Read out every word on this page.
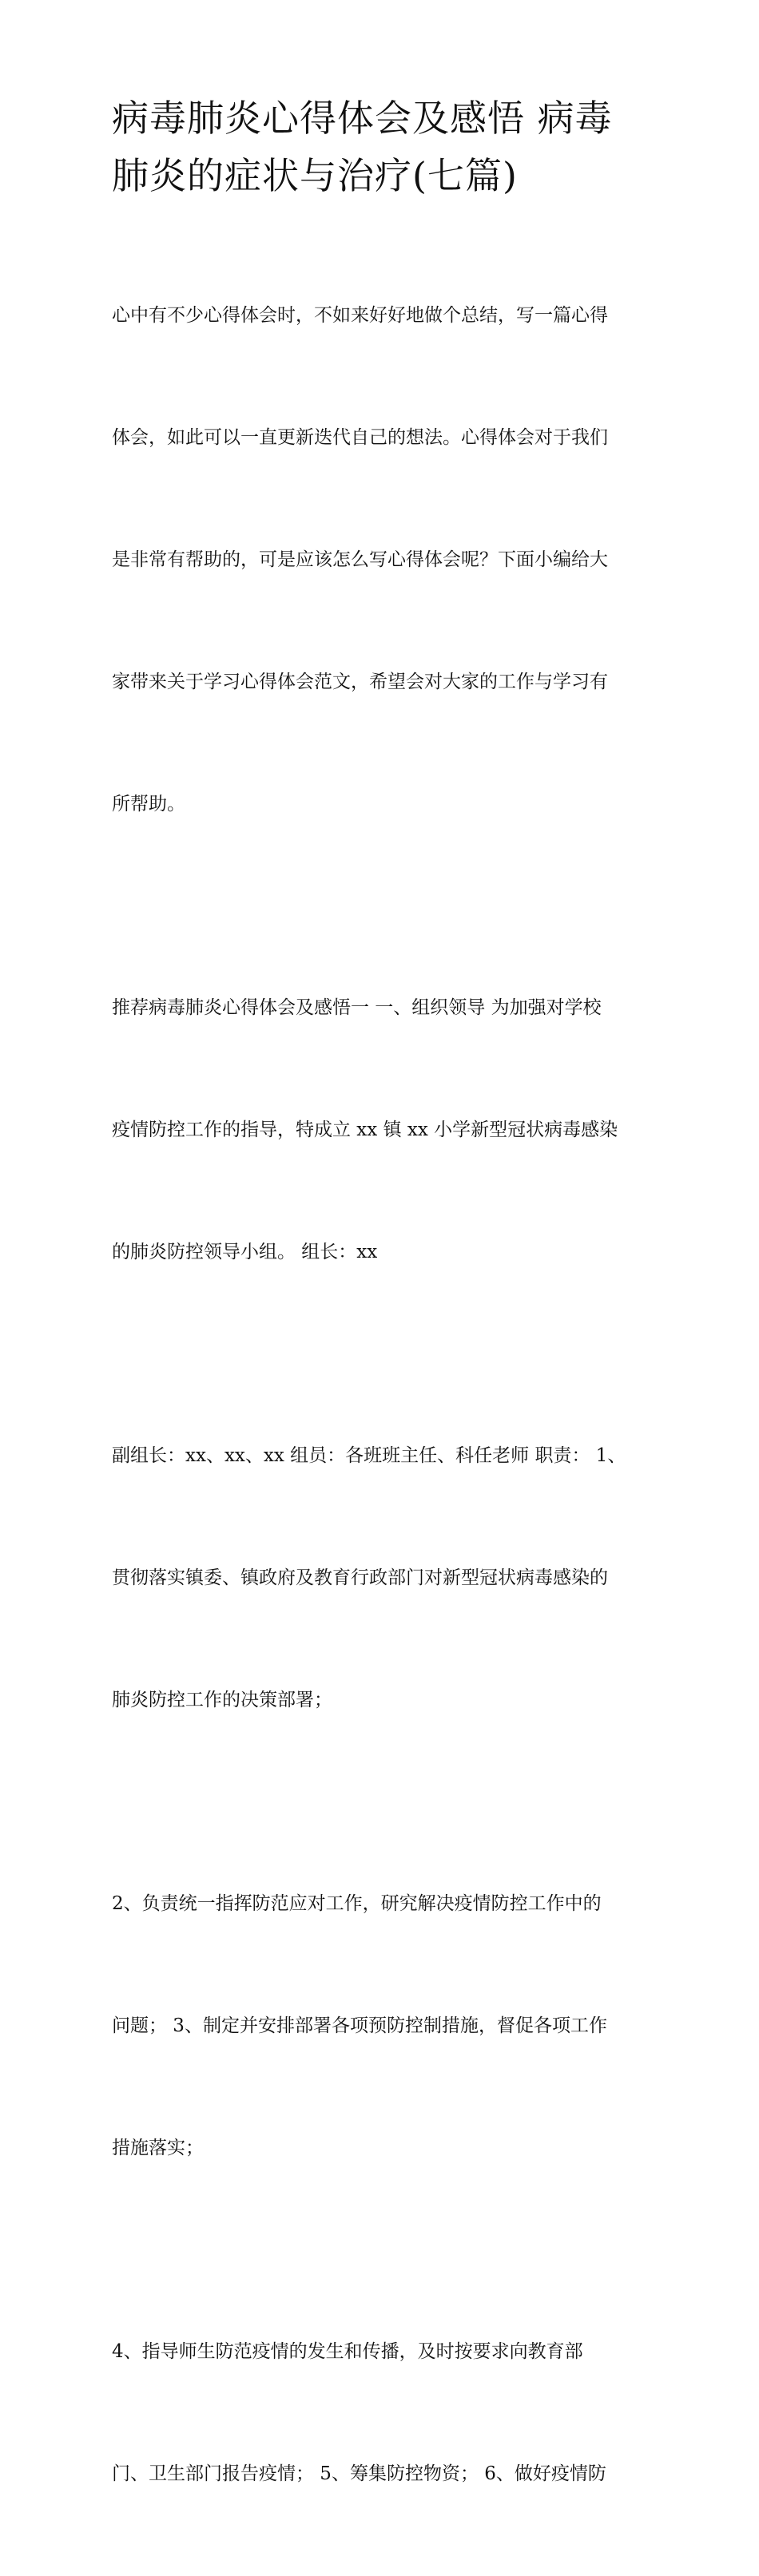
病毒肺炎心得体会及感悟 病毒
肺炎的症状与治疗(七篇)

心中有不少心得体会时，不如来好好地做个总结，写一篇心得

体会，如此可以一直更新迭代自己的想法。心得体会对于我们

是非常有帮助的，可是应该怎么写心得体会呢？下面小编给大

家带来关于学习心得体会范文，希望会对大家的工作与学习有

所帮助。

推荐病毒肺炎心得体会及感悟一 一、组织领导 为加强对学校

疫情防控工作的指导，特成立 xx 镇 xx 小学新型冠状病毒感染

的肺炎防控领导小组。 组长：xx

副组长：xx、xx、xx 组员：各班班主任、科任老师 职责： 1、

贯彻落实镇委、镇政府及教育行政部门对新型冠状病毒感染的

肺炎防控工作的决策部署；

2、负责统一指挥防范应对工作，研究解决疫情防控工作中的

问题； 3、制定并安排部署各项预防控制措施，督促各项工作

措施落实；

4、指导师生防范疫情的发生和传播，及时按要求向教育部

门、卫生部门报告疫情； 5、筹集防控物资； 6、做好疫情防
